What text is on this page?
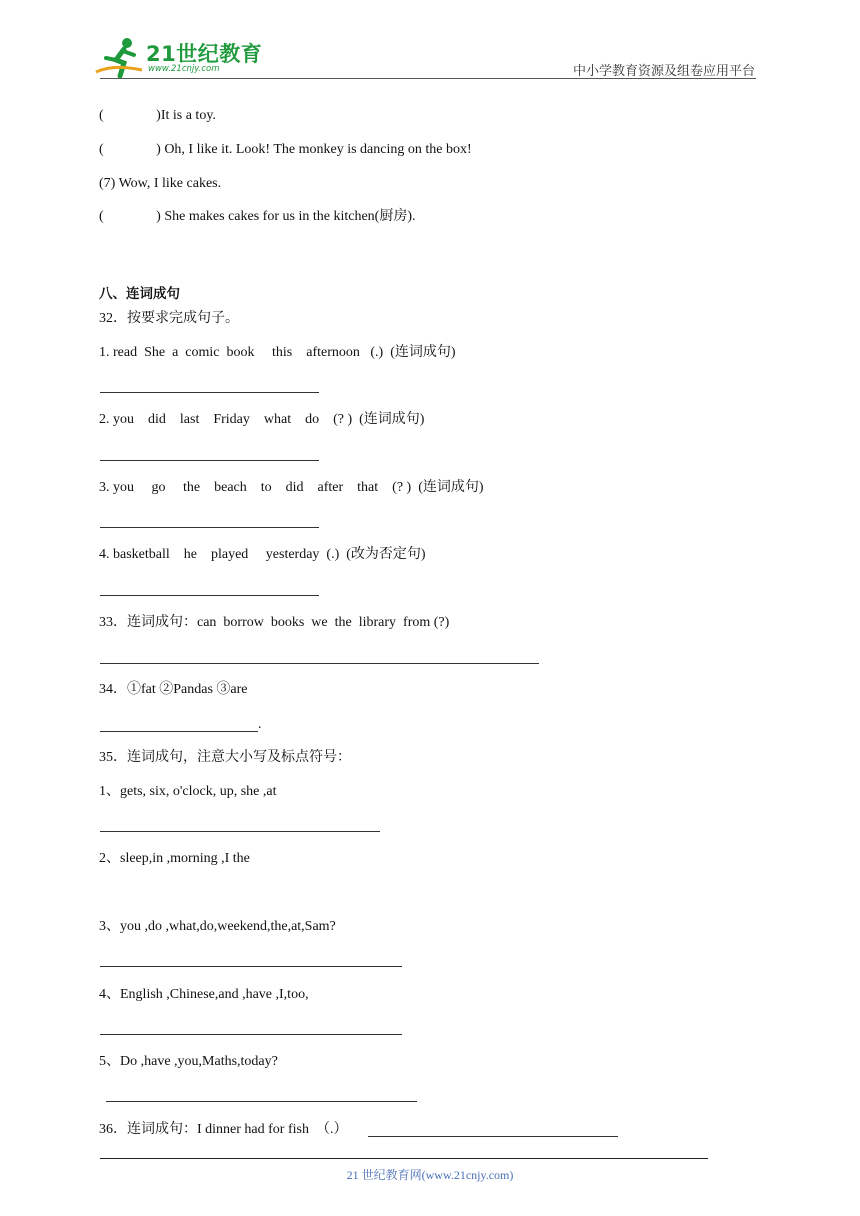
21世纪教育
www.21cnjy.com	中小学教育资源及组卷应用平台
(               )It is a toy.
(               ) Oh, I like it. Look! The monkey is dancing on the box!
(7) Wow, I like cakes.
(               ) She makes cakes for us in the kitchen(厨房).
八、连词成句
32．按要求完成句子。
1. read  She  a  comic  book     this    afternoon   (.)  (连词成句)
2. you    did    last    Friday    what    do    (? )  (连词成句)
3. you     go     the    beach    to    did    after    that    (? )  (连词成句)
4. basketball    he    played     yesterday  (.)  (改为否定句)
33．连词成句：can  borrow  books  we  the  library  from (?)
34．①fat ②Pandas ③are
.
35．连词成句，注意大小写及标点符号：
1、gets, six, o'clock, up, she ,at
2、sleep,in ,morning ,I the
3、you ,do ,what,do,weekend,the,at,Sam?
4、English ,Chinese,and ,have ,I,too,
5、Do ,have ,you,Maths,today?
36．连词成句：I dinner had for fish  （.）
21 世纪教育网(www.21cnjy.com)
